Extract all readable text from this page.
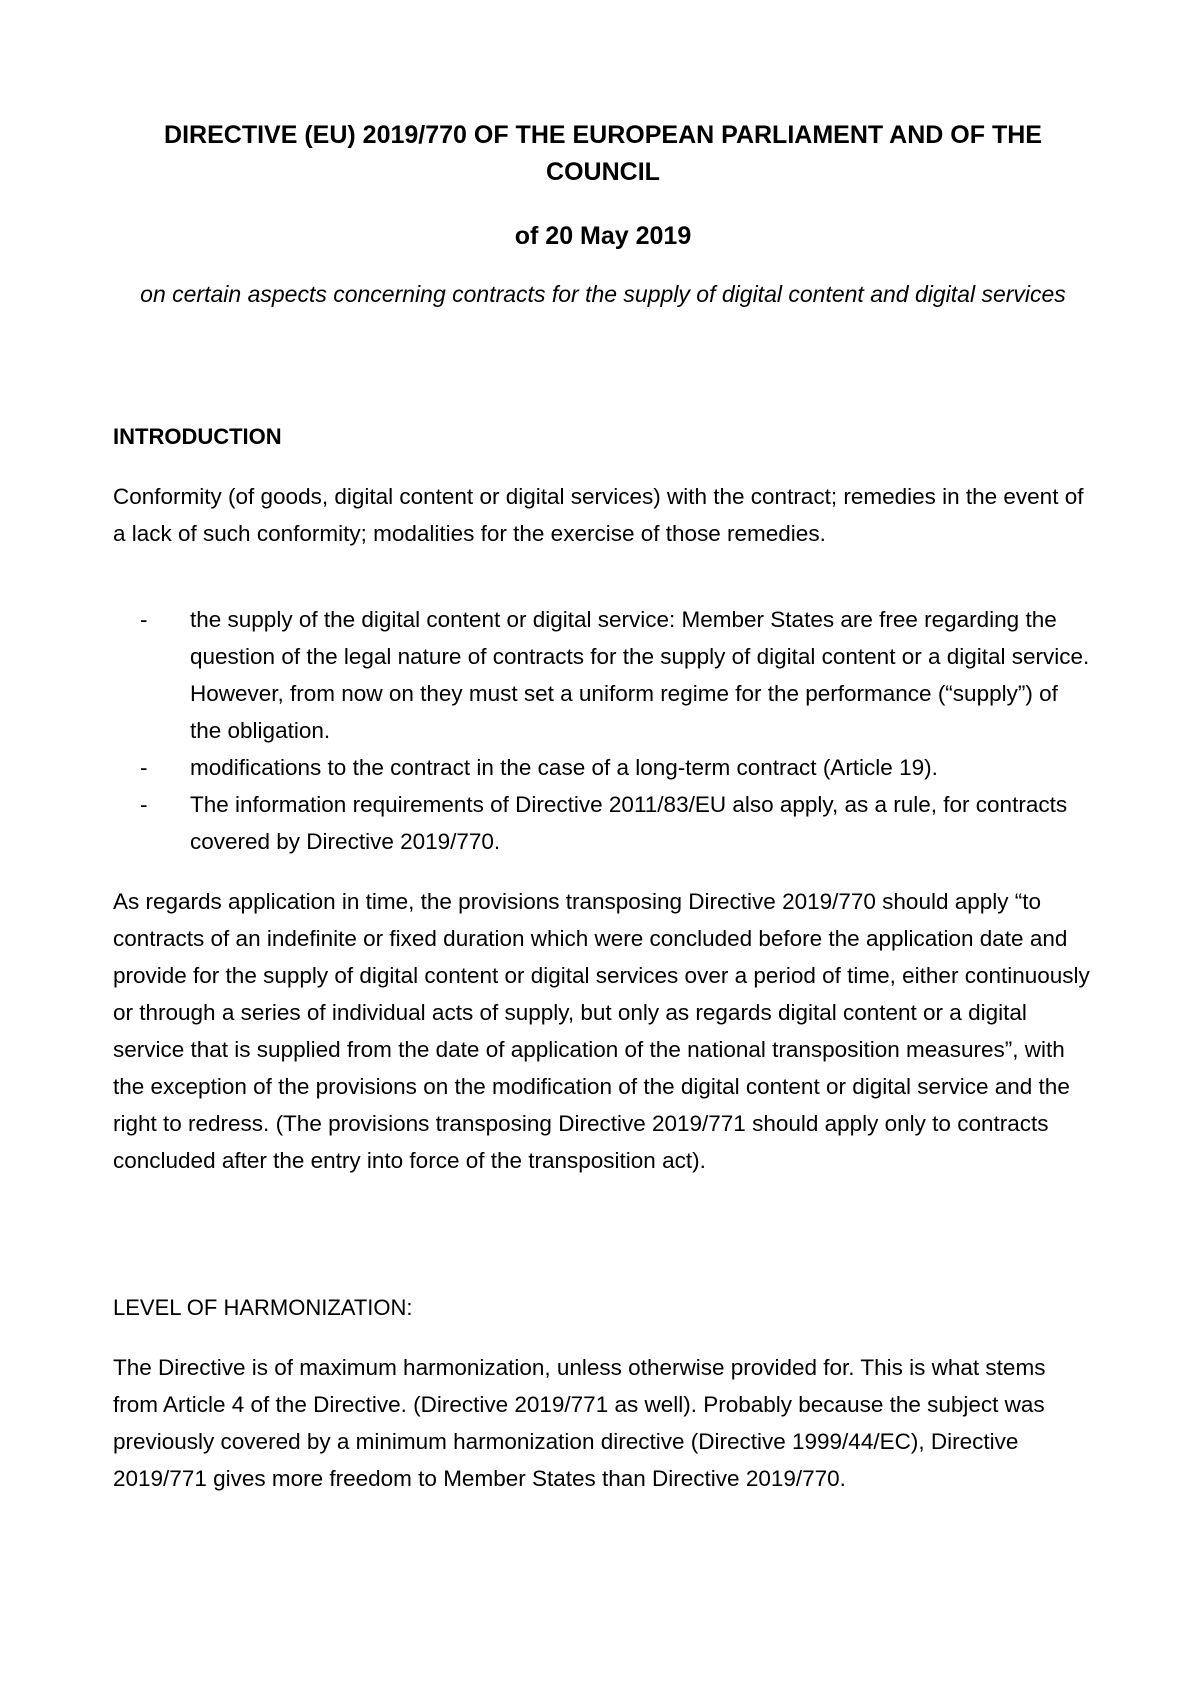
DIRECTIVE (EU) 2019/770 OF THE EUROPEAN PARLIAMENT AND OF THE COUNCIL
of 20 May 2019

on certain aspects concerning contracts for the supply of digital content and digital services

INTRODUCTION

Conformity (of goods, digital content or digital services) with the contract; remedies in the event of a lack of such conformity; modalities for the exercise of those remedies.

- the supply of the digital content or digital service: Member States are free regarding the question of the legal nature of contracts for the supply of digital content or a digital service. However, from now on they must set a uniform regime for the performance (“supply”) of the obligation.
- modifications to the contract in the case of a long-term contract (Article 19).
- The information requirements of Directive 2011/83/EU also apply, as a rule, for contracts covered by Directive 2019/770.

As regards application in time, the provisions transposing Directive 2019/770 should apply “to contracts of an indefinite or fixed duration which were concluded before the application date and provide for the supply of digital content or digital services over a period of time, either continuously or through a series of individual acts of supply, but only as regards digital content or a digital service that is supplied from the date of application of the national transposition measures”, with the exception of the provisions on the modification of the digital content or digital service and the right to redress. (The provisions transposing Directive 2019/771 should apply only to contracts concluded after the entry into force of the transposition act).

LEVEL OF HARMONIZATION:

The Directive is of maximum harmonization, unless otherwise provided for. This is what stems from Article 4 of the Directive. (Directive 2019/771 as well). Probably because the subject was previously covered by a minimum harmonization directive (Directive 1999/44/EC), Directive 2019/771 gives more freedom to Member States than Directive 2019/770.
